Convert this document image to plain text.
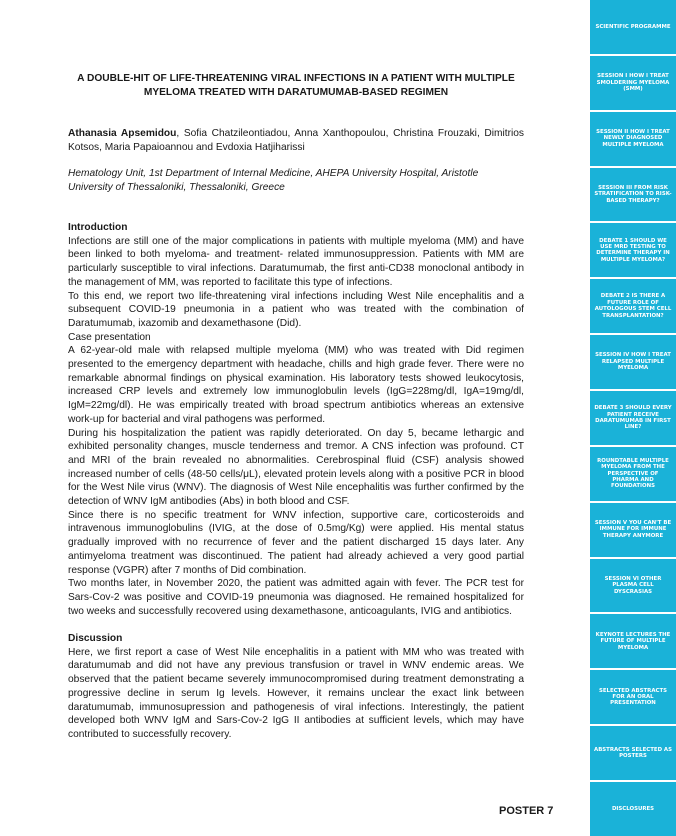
A DOUBLE-HIT OF LIFE-THREATENING VIRAL INFECTIONS IN A PATIENT WITH MULTIPLE MYELOMA TREATED WITH DARATUMUMAB-BASED REGIMEN
Athanasia Apsemidou, Sofia Chatzileontiadou, Anna Xanthopoulou, Christina Frouzaki, Dimitrios Kotsos, Maria Papaioannou and Evdoxia Hatjiharissi
Hematology Unit, 1st Department of Internal Medicine, AHEPA University Hospital, Aristotle University of Thessaloniki, Thessaloniki, Greece

Introduction

Infections are still one of the major complications in patients with multiple myeloma (MM) and have been linked to both myeloma- and treatment- related immunosuppression. Patients with MM are particularly susceptible to viral infections. Daratumumab, the first anti-CD38 monoclonal antibody in the management of MM, was reported to facilitate this type of infections.

To this end, we report two life-threatening viral infections including West Nile encephalitis and a subsequent COVID-19 pneumonia in a patient who was treated with the combination of Daratumumab, ixazomib and dexamethasone (Did).

Case presentation

A 62-year-old male with relapsed multiple myeloma (MM) who was treated with Did regimen presented to the emergency department with headache, chills and high grade fever. There were no remarkable abnormal findings on physical examination. His laboratory tests showed leukocytosis, increased CRP levels and extremely low immunoglobulin levels (IgG=228mg/dl, IgA=19mg/dl, IgM=22mg/dl). He was empirically treated with broad spectrum antibiotics whereas an extensive work-up for bacterial and viral pathogens was performed.

During his hospitalization the patient was rapidly deteriorated. On day 5, became lethargic and exhibited personality changes, muscle tenderness and tremor. A CNS infection was profound. CT and MRI of the brain revealed no abnormalities. Cerebrospinal fluid (CSF) analysis showed increased number of cells (48-50 cells/μL), elevated protein levels along with a positive PCR in blood for the West Nile virus (WNV). The diagnosis of West Nile encephalitis was further confirmed by the detection of WNV IgM antibodies (Abs) in both blood and CSF.

Since there is no specific treatment for WNV infection, supportive care, corticosteroids and intravenous immunoglobulins (IVIG, at the dose of 0.5mg/Kg) were applied. His mental status gradually improved with no recurrence of fever and the patient discharged 15 days later. Any antimyeloma treatment was discontinued. The patient had already achieved a very good partial response (VGPR) after 7 months of Did combination.

Two months later, in November 2020, the patient was admitted again with fever. The PCR test for Sars-Cov-2 was positive and COVID-19 pneumonia was diagnosed. He remained hospitalized for two weeks and successfully recovered using dexamethasone, anticoagulants, IVIG and antibiotics.

Discussion

Here, we first report a case of West Nile encephalitis in a patient with MM who was treated with daratumumab and did not have any previous transfusion or travel in WNV endemic areas. We observed that the patient became severely immunocompromised during treatment demonstrating a progressive decline in serum Ig levels. However, it remains unclear the exact link between daratumumab, immunosupression and pathogenesis of viral infections. Interestingly, the patient developed both WNV IgM and Sars-Cov-2 IgG II antibodies at sufficient levels, which may have contributed to successfully recovery.

POSTER 7
SCIENTIFIC PROGRAMME
SESSION I HOW I TREAT SMOLDERING MYELOMA (SMM)
SESSION II HOW I TREAT NEWLY DIAGNOSED MULTIPLE MYELOMA
SESSION III FROM RISK STRATIFICATION TO RISK-BASED THERAPY?
DEBATE 1 SHOULD WE USE MRD TESTING TO DETERMINE THERAPY IN MULTIPLE MYELOMA?
DEBATE 2 IS THERE A FUTURE ROLE OF AUTOLOGOUS STEM CELL TRANSPLANTATION?
SESSION IV HOW I TREAT RELAPSED MULTIPLE MYELOMA
DEBATE 3 SHOULD EVERY PATIENT RECEIVE DARATUMUMAB IN FIRST LINE?
ROUNDTABLE MULTIPLE MYELOMA FROM THE PERSPECTIVE OF PHARMA AND FOUNDATIONS
SESSION V YOU CAN'T BE IMMUNE FOR IMMUNE THERAPY ANYMORE
SESSION VI OTHER PLASMA CELL DYSCRASIAS
KEYNOTE LECTURES THE FUTURE OF MULTIPLE MYELOMA
SELECTED ABSTRACTS FOR AN ORAL PRESENTATION
ABSTRACTS SELECTED AS POSTERS
DISCLOSURES
